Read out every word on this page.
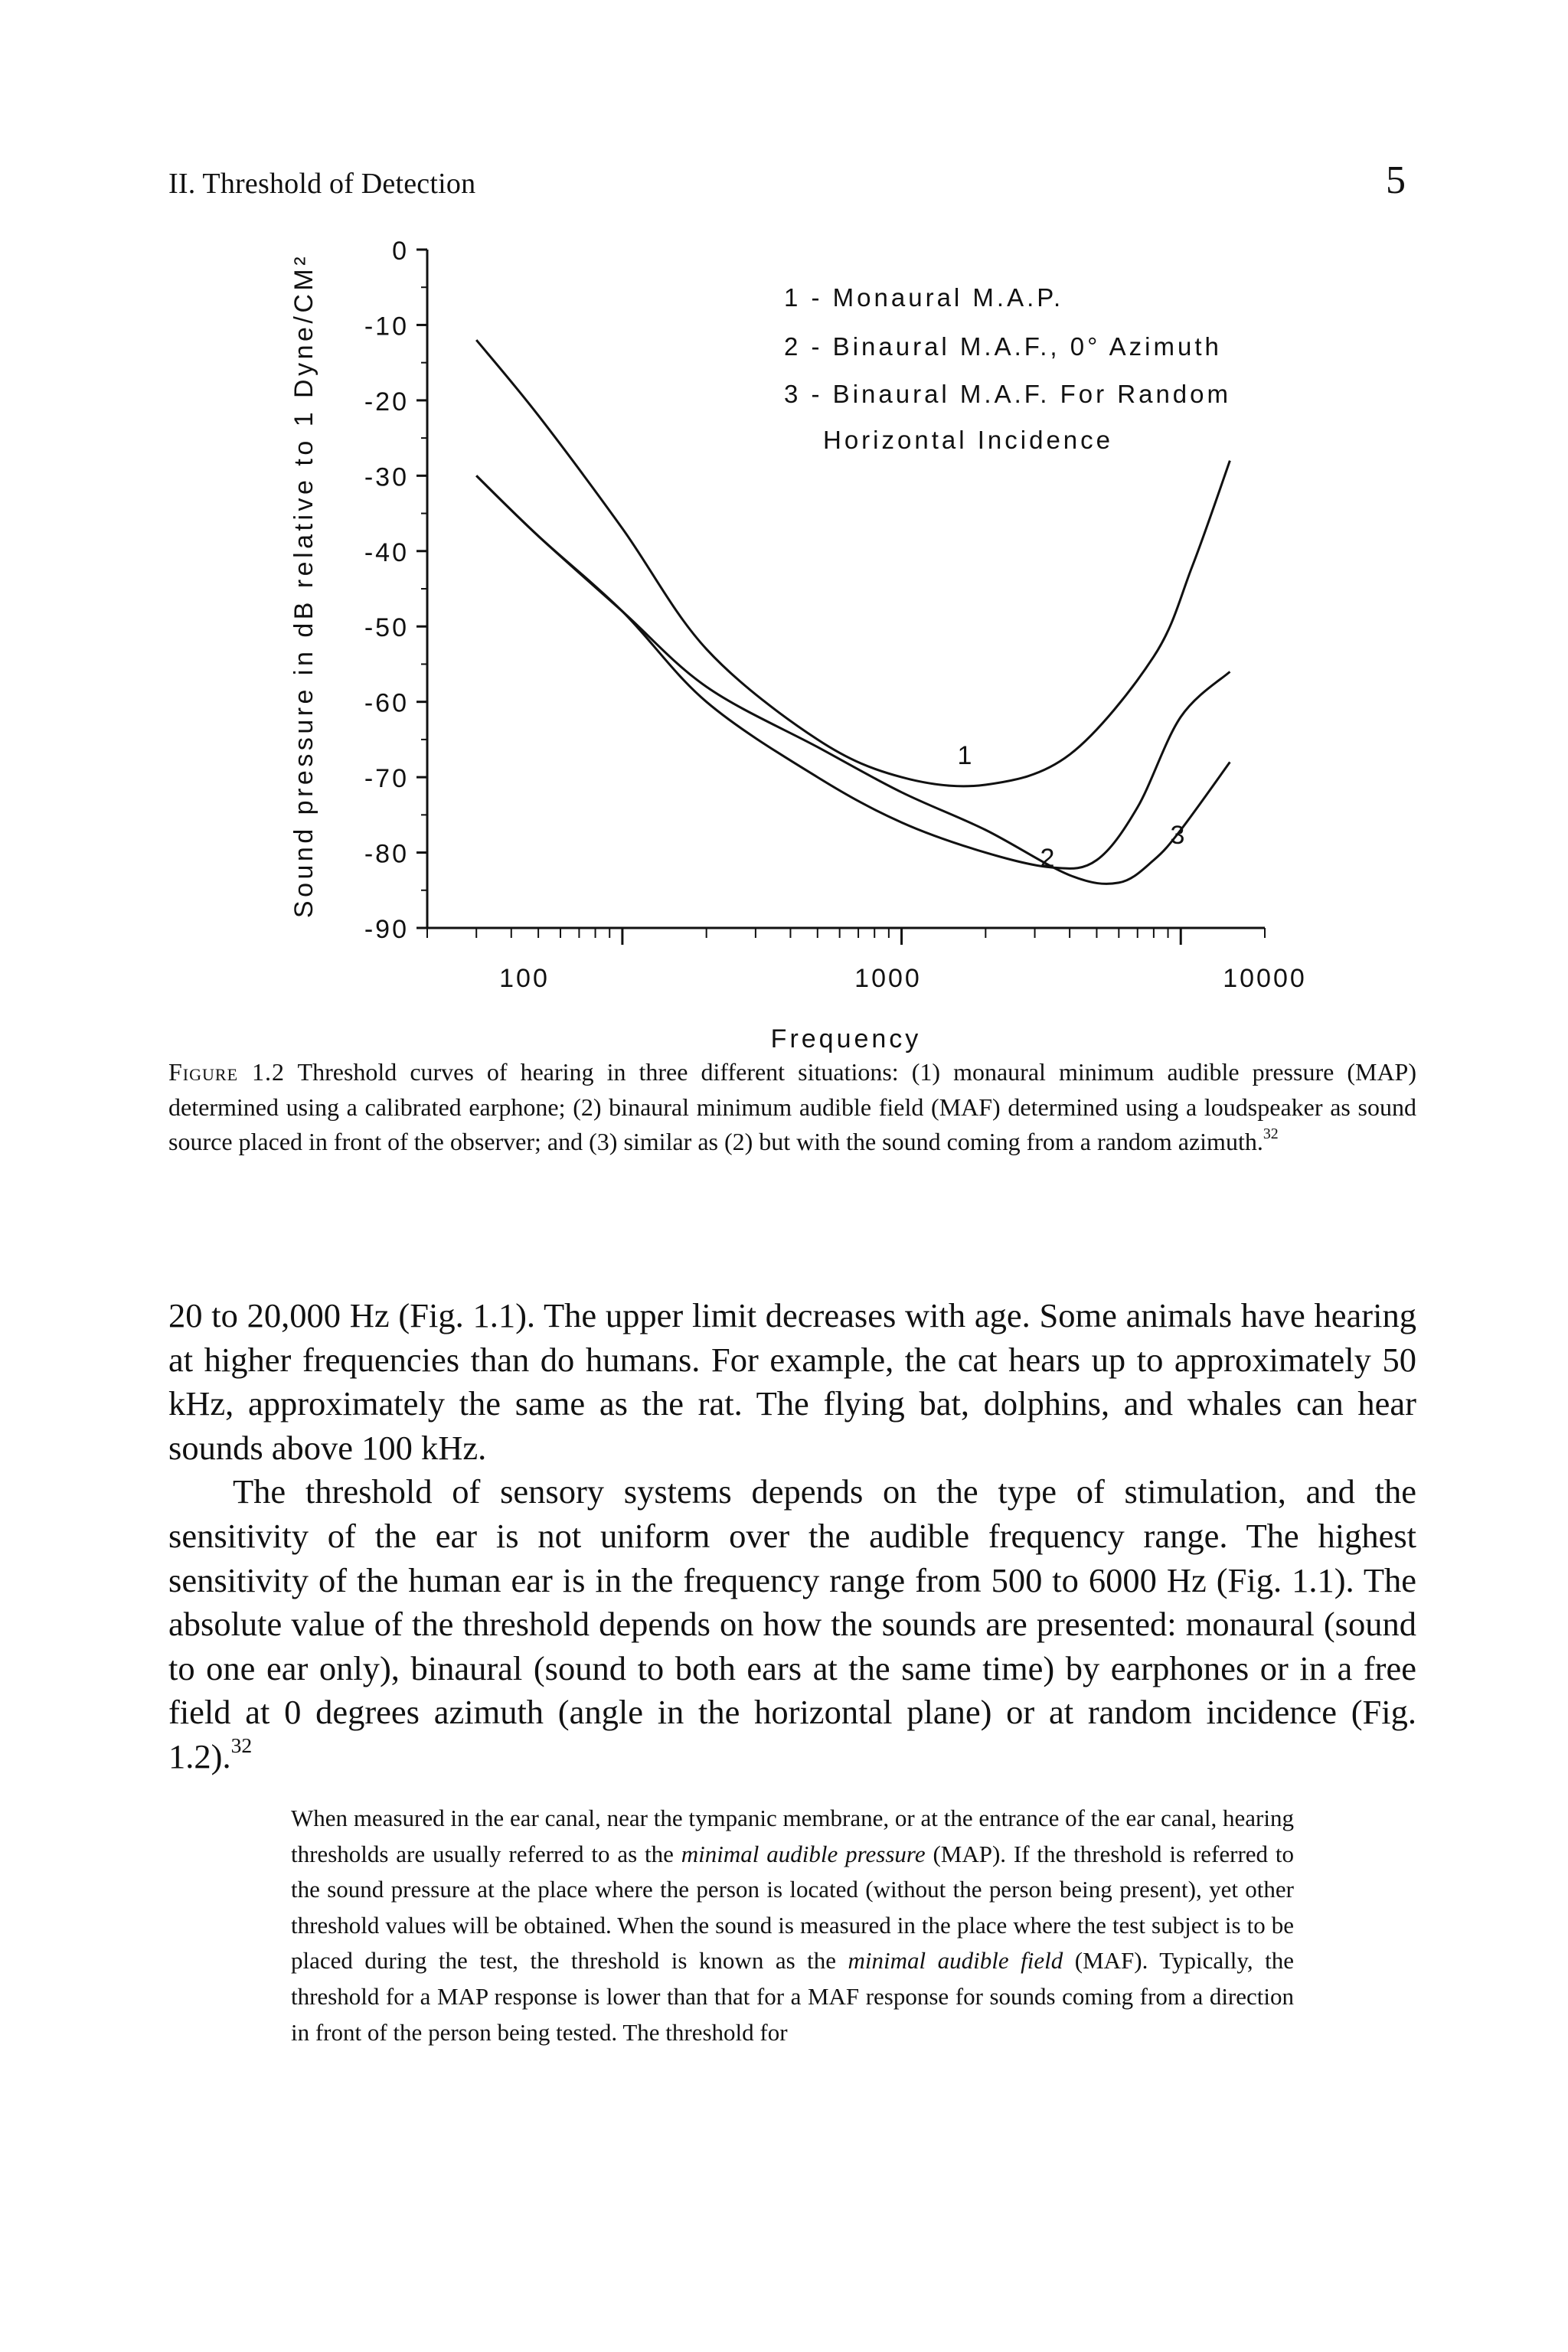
II. Threshold of Detection	5
0
-10
-20
-30
-40
-50
-60
-70
-80
-90
100	1000	10000
Frequency
Sound pressure in dB relative to 1 Dyne/CM²	1 - Monaural M.A.P.
2 - Binaural M.A.F., 0° Azimuth
3 - Binaural M.A.F. For Random
Horizontal Incidence
1
2
3
Figure 1.2 Threshold curves of hearing in three different situations: (1) monaural minimum audible pressure (MAP) determined using a calibrated earphone; (2) binaural minimum audible field (MAF) determined using a loudspeaker as sound source placed in front of the observer; and (3) similar as (2) but with the sound coming from a random azimuth.$^{32}$

20 to 20,000 Hz (Fig. 1.1). The upper limit decreases with age. Some animals have hearing at higher frequencies than do humans. For example, the cat hears up to approximately 50 kHz, approximately the same as the rat. The flying bat, dolphins, and whales can hear sounds above 100 kHz.

The threshold of sensory systems depends on the type of stimulation, and the sensitivity of the ear is not uniform over the audible frequency range. The highest sensitivity of the human ear is in the frequency range from 500 to 6000 Hz (Fig. 1.1). The absolute value of the threshold depends on how the sounds are presented: monaural (sound to one ear only), binaural (sound to both ears at the same time) by earphones or in a free field at 0 degrees azimuth (angle in the horizontal plane) or at random incidence (Fig. 1.2).$^{32}$

When measured in the ear canal, near the tympanic membrane, or at the entrance of the ear canal, hearing thresholds are usually referred to as the minimal audible pressure (MAP). If the threshold is referred to the sound pressure at the place where the person is located (without the person being present), yet other threshold values will be obtained. When the sound is measured in the place where the test subject is to be placed during the test, the threshold is known as the minimal audible field (MAF). Typically, the threshold for a MAP response is lower than that for a MAF response for sounds coming from a direction in front of the person being tested. The threshold for
